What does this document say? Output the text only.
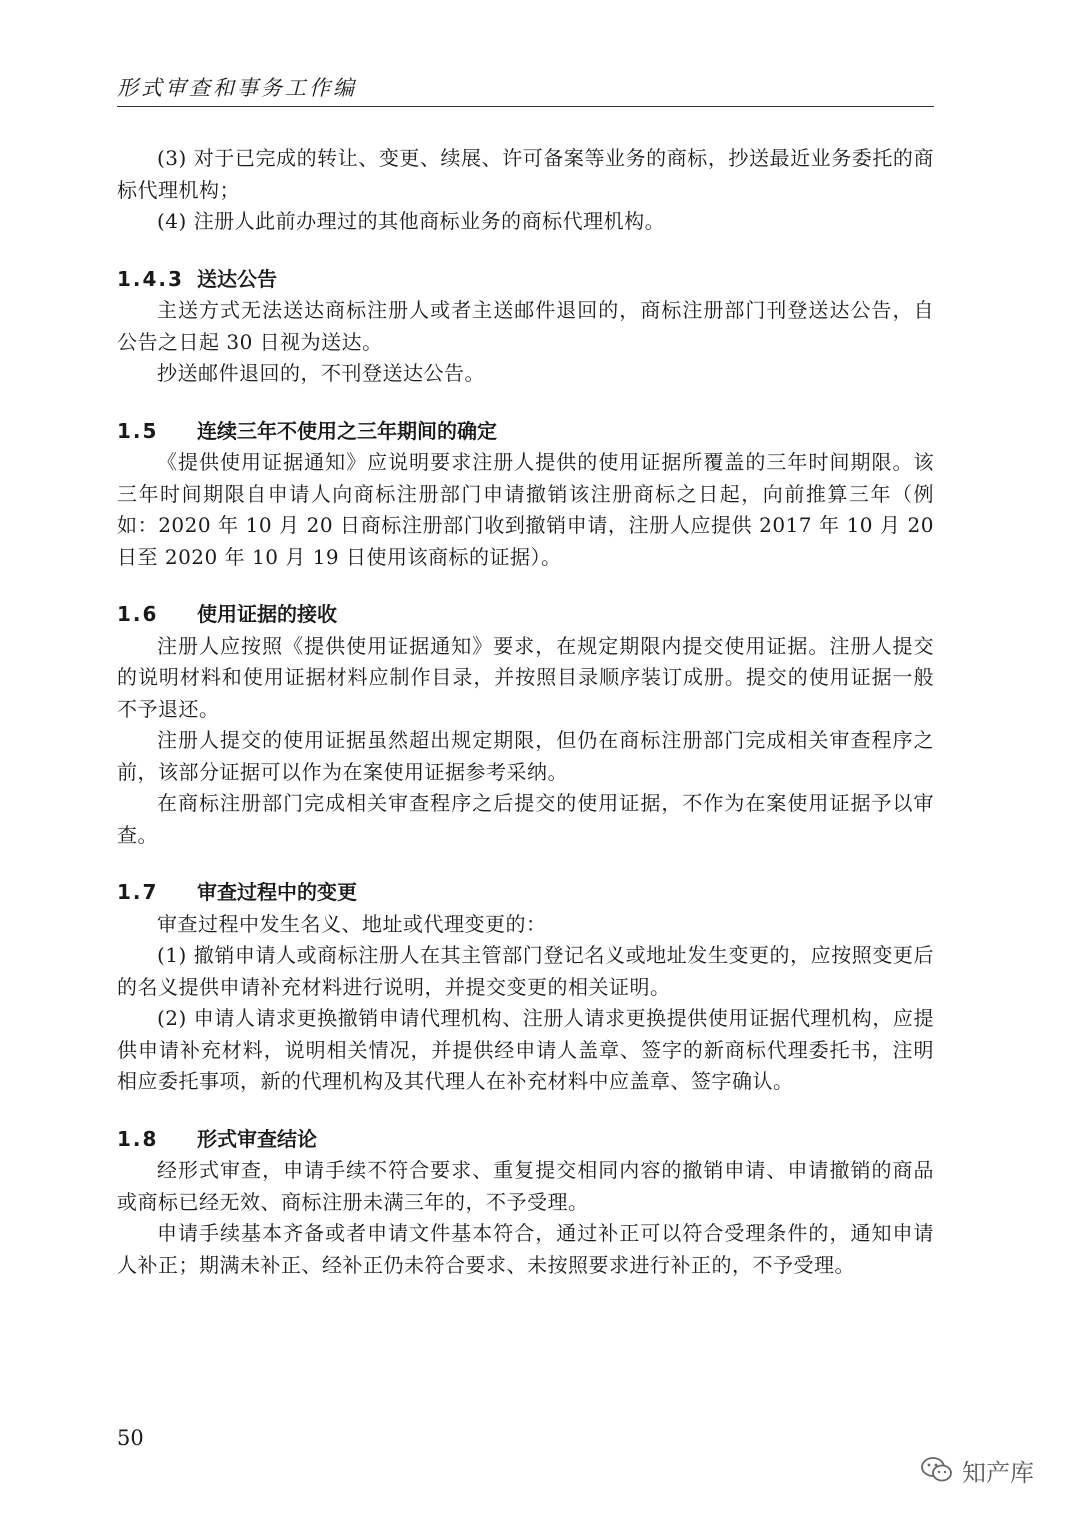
形式审查和事务工作编

(3) 对于已完成的转让、变更、续展、许可备案等业务的商标，抄送最近业务委托的商标代理机构；

(4) 注册人此前办理过的其他商标业务的商标代理机构。

1.4.3 送达公告

主送方式无法送达商标注册人或者主送邮件退回的，商标注册部门刊登送达公告，自公告之日起 30 日视为送达。

抄送邮件退回的，不刊登送达公告。

1.5 连续三年不使用之三年期间的确定

《提供使用证据通知》应说明要求注册人提供的使用证据所覆盖的三年时间期限。该三年时间期限自申请人向商标注册部门申请撤销该注册商标之日起，向前推算三年（例如：2020 年 10 月 20 日商标注册部门收到撤销申请，注册人应提供 2017 年 10 月 20 日至 2020 年 10 月 19 日使用该商标的证据）。

1.6 使用证据的接收

注册人应按照《提供使用证据通知》要求，在规定期限内提交使用证据。注册人提交的说明材料和使用证据材料应制作目录，并按照目录顺序装订成册。提交的使用证据一般不予退还。

注册人提交的使用证据虽然超出规定期限，但仍在商标注册部门完成相关审查程序之前，该部分证据可以作为在案使用证据参考采纳。

在商标注册部门完成相关审查程序之后提交的使用证据，不作为在案使用证据予以审查。

1.7 审查过程中的变更

审查过程中发生名义、地址或代理变更的：

(1) 撤销申请人或商标注册人在其主管部门登记名义或地址发生变更的，应按照变更后的名义提供申请补充材料进行说明，并提交变更的相关证明。

(2) 申请人请求更换撤销申请代理机构、注册人请求更换提供使用证据代理机构，应提供申请补充材料，说明相关情况，并提供经申请人盖章、签字的新商标代理委托书，注明相应委托事项，新的代理机构及其代理人在补充材料中应盖章、签字确认。

1.8 形式审查结论

经形式审查，申请手续不符合要求、重复提交相同内容的撤销申请、申请撤销的商品或商标已经无效、商标注册未满三年的，不予受理。

申请手续基本齐备或者申请文件基本符合，通过补正可以符合受理条件的，通知申请人补正；期满未补正、经补正仍未符合要求、未按照要求进行补正的，不予受理。

50
知产库
